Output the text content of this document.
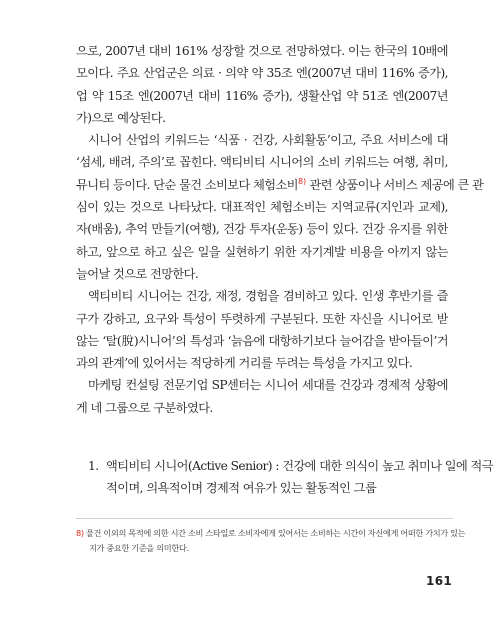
으로, 2007년 대비 161% 성장할 것으로 전망하였다. 이는 한국의 10배에
모이다. 주요 산업군은 의료 · 의약 약 35조 엔(2007년 대비 116% 증가),
업 약 15조 엔(2007년 대비 116% 증가), 생활산업 약 51조 엔(2007년
가)으로 예상된다.
시니어 산업의 키워드는 ‘식품 · 건강, 사회활동’이고, 주요 서비스에 대
‘섬세, 배려, 주의’로 꼽힌다. 액티비티 시니어의 소비 키워드는 여행, 취미,
뮤니티 등이다. 단순 물건 소비보다 체험소비$^{8)}$ 관련 상품이나 서비스 제공에 큰 관
심이 있는 것으로 나타났다. 대표적인 체험소비는 지역교류(지인과 교제),
자(배움), 추억 만들기(여행), 건강 투자(운동) 등이 있다. 건강 유지를 위한
하고, 앞으로 하고 싶은 일을 실현하기 위한 자기계발 비용을 아끼지 않는
늘어날 것으로 전망한다.
액티비티 시니어는 건강, 재정, 경험을 겸비하고 있다. 인생 후반기를 즐
구가 강하고, 요구와 특성이 뚜렷하게 구분된다. 또한 자신을 시니어로 받
않는 ‘탈(脫)시니어’의 특성과 ‘늙음에 대항하기보다 늘어감을 받아들이’거
과의 관계’에 있어서는 적당하게 거리를 두려는 특성을 가지고 있다.
마케팅 컨설팅 전문기업 SP센터는 시니어 세대를 건강과 경제적 상황에
게 네 그룹으로 구분하였다.
1. 액티비티 시니어(Active Senior) : 건강에 대한 의식이 높고 취미나 일에 적극
적이며, 의욕적이며 경제적 여유가 있는 활동적인 그룹
8) 물건 이외의 목적에 의한 시간 소비 스타일로 소비자에게 있어서는 소비하는 시간이 자신에게 어떠한 가치가 있는
지가 중요한 기준을 의미한다.
161
